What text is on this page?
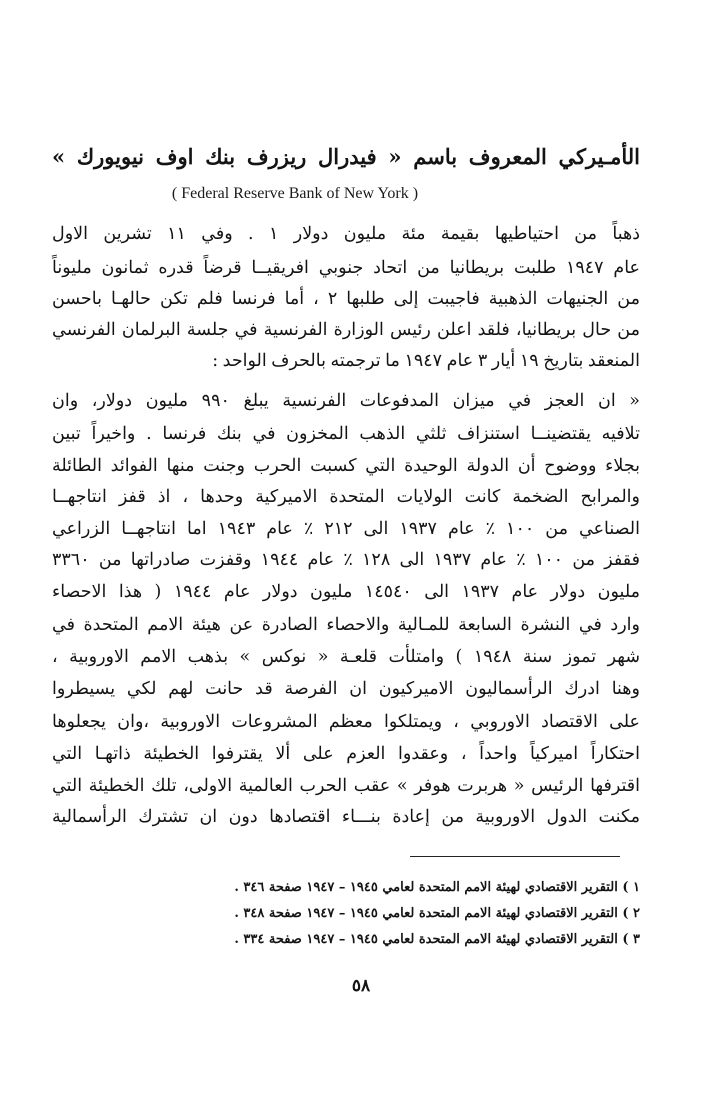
الأمـيركي المعروف باسم « فيدرال ريزرف بنك اوف نيويورك »
( Federal Reserve Bank of New York )
ذهباً من احتياطيها بقيمة مئة مليون دولار ١ . وفي ١١ تشرين الاول
عام ١٩٤٧ طلبت بريطانيا من اتحاد جنوبي افريقيــا قرضاً قدره ثمانون مليوناً
من الجنيهات الذهبية فاجيبت إلى طلبها ٢ ، أما فرنسا فلم تكن حالهـا باحسن
من حال بريطانيا، فلقد اعلن رئيس الوزارة الفرنسية في جلسة البرلمان الفرنسي
المنعقد بتاريخ ١٩ أيار ٣ عام ١٩٤٧ ما ترجمته بالحرف الواحد :
« ان العجز في ميزان المدفوعات الفرنسية يبلغ ٩٩٠ مليون دولار، وان
تلافيه يقتضينــا استنزاف ثلثي الذهب المخزون في بنك فرنسا . واخيراً تبين
بجلاء ووضوح أن الدولة الوحيدة التي كسبت الحرب وجنت منها الفوائد الطائلة
والمرابح الضخمة كانت الولايات المتحدة الاميركية وحدها ، اذ قفز انتاجهــا
الصناعي من ١٠٠ ٪ عام ١٩٣٧ الى ٢١٢ ٪ عام ١٩٤٣ اما انتاجهــا الزراعي
فقفز من ١٠٠ ٪ عام ١٩٣٧ الى ١٢٨ ٪ عام ١٩٤٤ وقفزت صادراتها من ٣٣٦٠
مليون دولار عام ١٩٣٧ الى ١٤٥٤٠ مليون دولار عام ١٩٤٤ ( هذا الاحصاء
وارد في النشرة السابعة للمـالية والاحصاء الصادرة عن هيئة الامم المتحدة في
شهر تموز سنة ١٩٤٨ ) وامتلأت قلعـة « نوكس » بذهب الامم الاوروبية ،
وهنا ادرك الرأسماليون الاميركيون ان الفرصة قد حانت لهم لكي يسيطروا
على الاقتصاد الاوروبي ، ويمتلكوا معظم المشروعات الاوروبية ،وان يجعلوها
احتكاراً اميركياً واحداً ، وعقدوا العزم على ألا يقترفوا الخطيئة ذاتهـا التي
اقترفها الرئيس « هربرت هوفر » عقب الحرب العالمية الاولى، تلك الخطيئة التي
مكنت الدول الاوروبية من إعادة بنـــاء اقتصادها دون ان تشترك الرأسمالية
١ ) التقرير الاقتصادي لهيئة الامم المتحدة لعامي ١٩٤٥ – ١٩٤٧ صفحة ٣٤٦ .
٢ ) التقرير الاقتصادي لهيئة الامم المتحدة لعامي ١٩٤٥ – ١٩٤٧ صفحة ٣٤٨ .
٣ ) التقرير الاقتصادي لهيئة الامم المتحدة لعامي ١٩٤٥ – ١٩٤٧ صفحة ٣٣٤ .
٥٨
